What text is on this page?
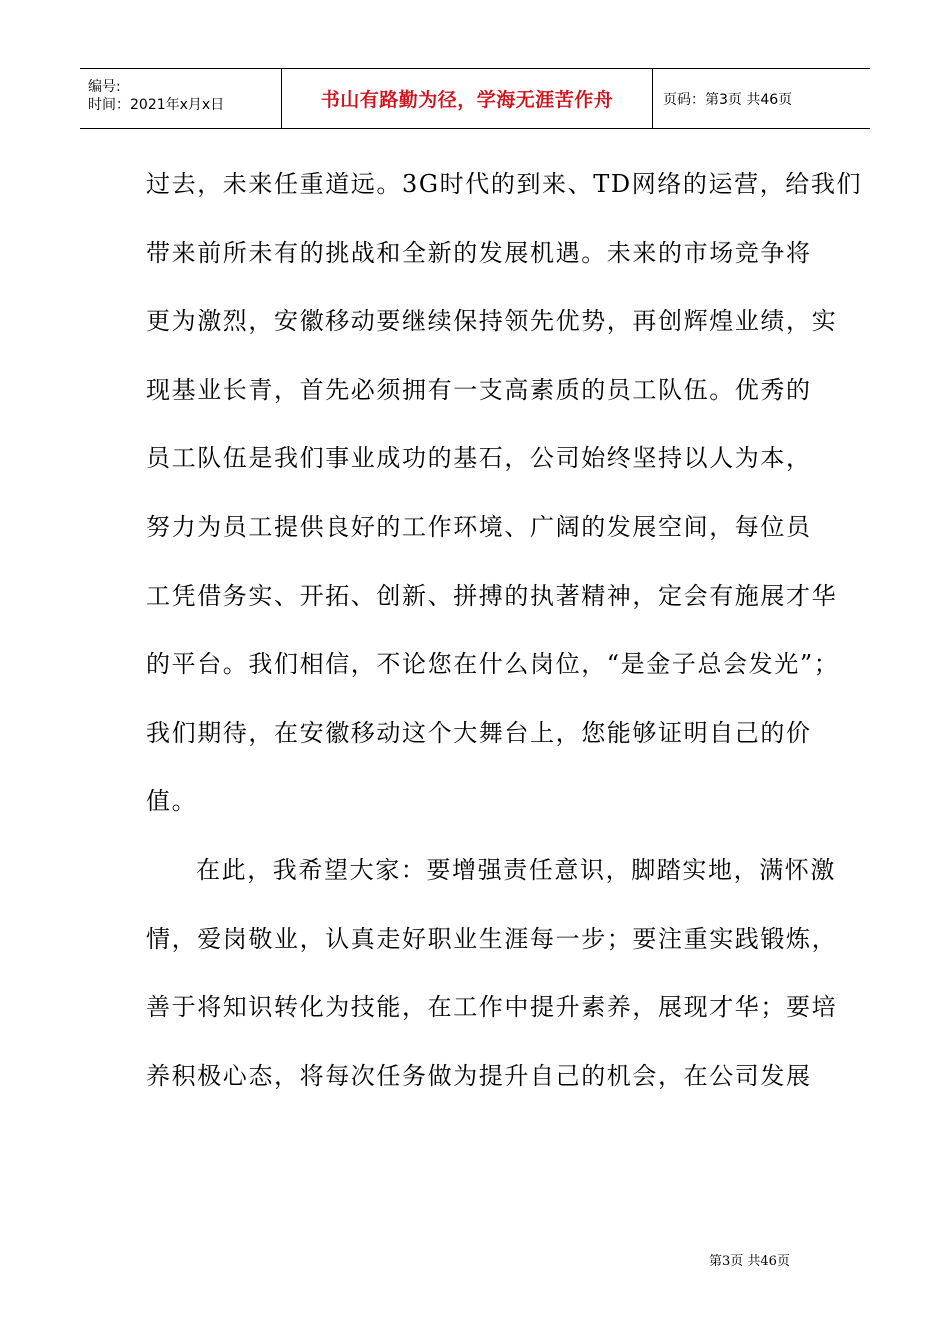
编号:
时间：2021年x月x日	书山有路勤为径，学海无涯苦作舟	页码：第3页 共46页
过去，未来任重道远。3G时代的到来、TD网络的运营，给我们
带来前所未有的挑战和全新的发展机遇。未来的市场竞争将
更为激烈，安徽移动要继续保持领先优势，再创辉煌业绩，实
现基业长青，首先必须拥有一支高素质的员工队伍。优秀的
员工队伍是我们事业成功的基石，公司始终坚持以人为本，
努力为员工提供良好的工作环境、广阔的发展空间，每位员
工凭借务实、开拓、创新、拼搏的执著精神，定会有施展才华
的平台。我们相信，不论您在什么岗位，“是金子总会发光”；
我们期待，在安徽移动这个大舞台上，您能够证明自己的价
值。
在此，我希望大家：要增强责任意识，脚踏实地，满怀激
情，爱岗敬业，认真走好职业生涯每一步；要注重实践锻炼，
善于将知识转化为技能，在工作中提升素养，展现才华；要培
养积极心态，将每次任务做为提升自己的机会，在公司发展
第3页 共46页
